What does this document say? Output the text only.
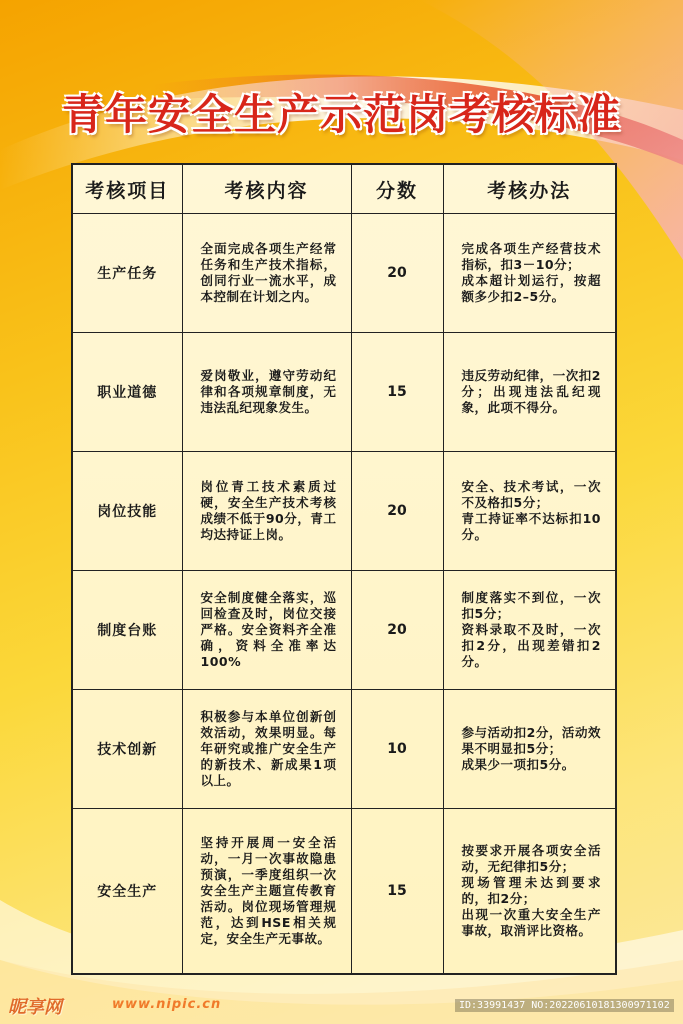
青年安全生产示范岗考核标准
考核项目	考核内容	分数	考核办法
生产任务	全面完成各项生产经常任务和生产技术指标，创同行业一流水平，成本控制在计划之内。	20	完成各项生产经营技术指标，扣3－10分；
成本超计划运行，按超额多少扣2–5分。

职业道德	爱岗敬业，遵守劳动纪律和各项规章制度，无违法乱纪现象发生。	15	违反劳动纪律，一次扣2分；出现违法乱纪现象，此项不得分。

岗位技能	岗位青工技术素质过硬，安全生产技术考核成绩不低于90分，青工均达持证上岗。	20	安全、技术考试，一次不及格扣5分；
青工持证率不达标扣10分。

制度台账	安全制度健全落实，巡回检查及时，岗位交接严格。安全资料齐全准确，资料全准率达100%	20	制度落实不到位，一次扣5分；
资料录取不及时，一次扣2分，出现差错扣2分。

技术创新	积极参与本单位创新创效活动，效果明显。每年研究或推广安全生产的新技术、新成果1项以上。	10	参与活动扣2分，活动效果不明显扣5分；
成果少一项扣5分。

安全生产	坚持开展周一安全活动，一月一次事故隐患预演，一季度组织一次安全生产主题宣传教育活动。岗位现场管理规范，达到HSE相关规定，安全生产无事故。	15	按要求开展各项安全活动，无纪律扣5分；
现场管理未达到要求的，扣2分；
出现一次重大安全生产事故，取消评比资格。
昵享网	www.nipic.cn	ID:33991437 NO:20220610181300971102
